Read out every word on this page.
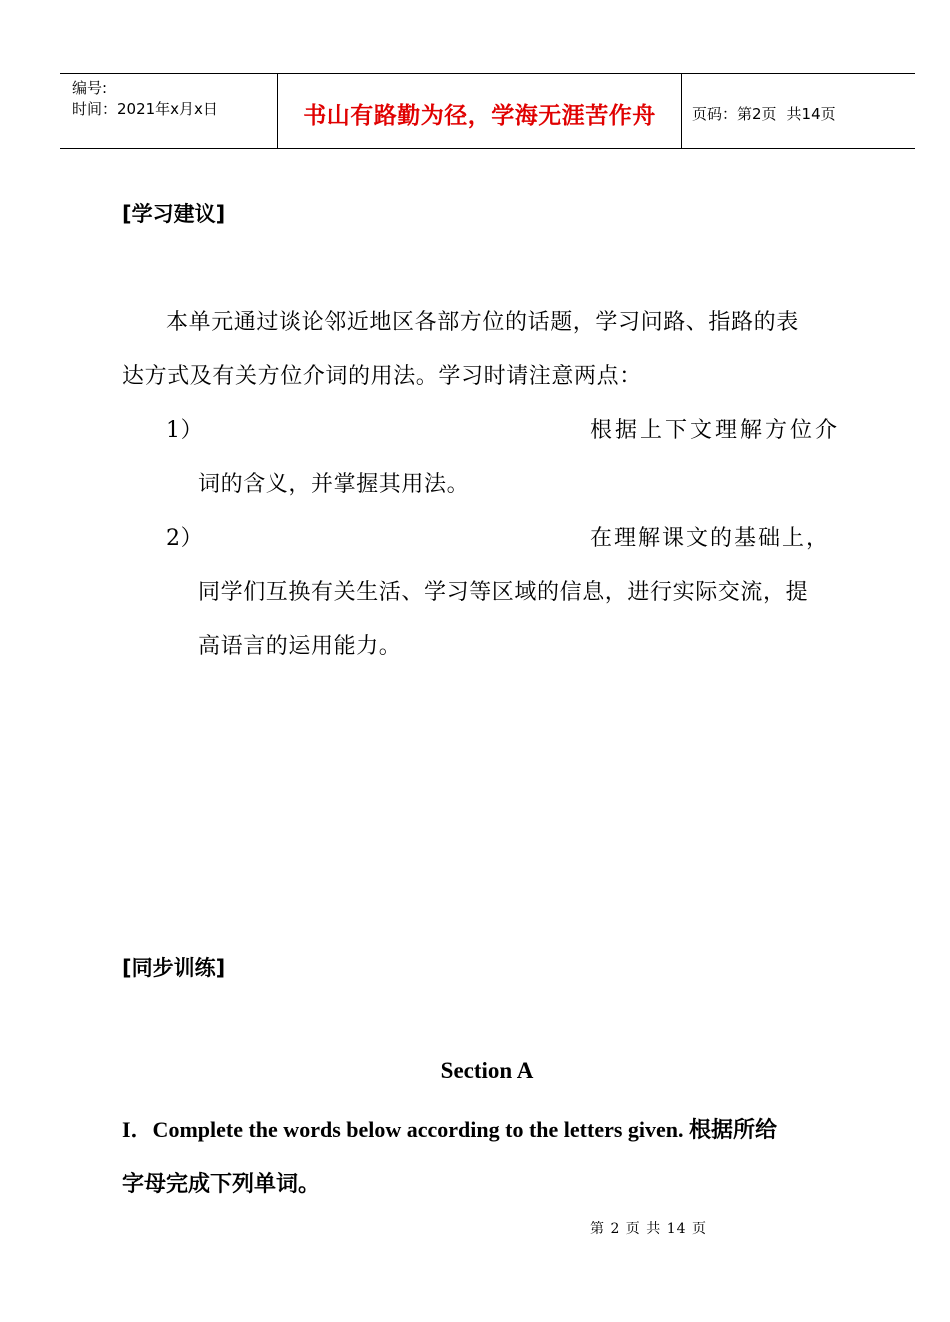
编号:
时间：2021年x月x日	书山有路勤为径，学海无涯苦作舟 页码：第2页 共14页
[学习建议]
本单元通过谈论邻近地区各部方位的话题，学习问路、指路的表
达方式及有关方位介词的用法。学习时请注意两点：
1）	根据上下文理解方位介
词的含义，并掌握其用法。
2）	在理解课文的基础上，
同学们互换有关生活、学习等区域的信息，进行实际交流，提
高语言的运用能力。
[同步训练]
Section A
I．Complete the words below according to the letters given. 根据所给
字母完成下列单词。
第 2 页 共 14 页
